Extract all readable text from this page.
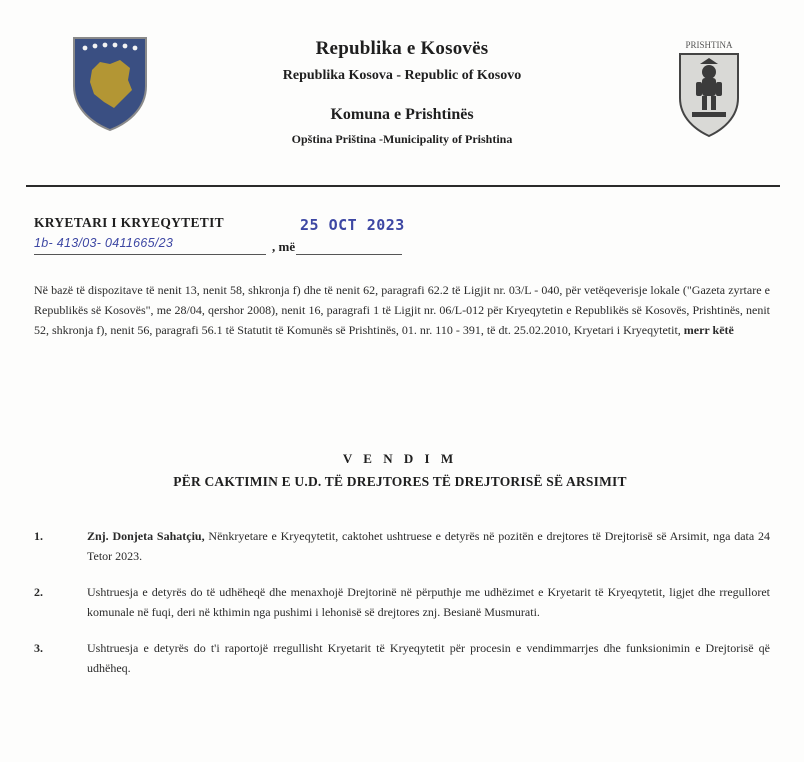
Republika e Kosovës

Republika Kosova - Republic of Kosovo

Komuna e Prishtinës

Opština Priština -Municipality of Prishtina

PRISHTINA
KRYETARI I KRYEQYTETIT	25 OCT 2023
1b- 413/03- 0411665/23	, më
Në bazë të dispozitave të nenit 13, nenit 58, shkronja f) dhe të nenit 62, paragrafi 62.2 të Ligjit nr. 03/L - 040, për vetëqeverisje lokale ("Gazeta zyrtare e Republikës së Kosovës", me 28/04, qershor 2008), nenit 16, paragrafi 1 të Ligjit nr. 06/L-012 për Kryeqytetin e Republikës së Kosovës, Prishtinës, nenit 52, shkronja f), nenit 56, paragrafi 56.1 të Statutit të Komunës së Prishtinës, 01. nr. 110 - 391, të dt. 25.02.2010, Kryetari i Kryeqytetit, merr këtë

V E N D I M

PËR CAKTIMIN E U.D. TË DREJTORES TË DREJTORISË SË ARSIMIT

1.	Znj. Donjeta Sahatçiu, Nënkryetare e Kryeqytetit, caktohet ushtruese e detyrës në pozitën e drejtores të Drejtorisë së Arsimit, nga data 24 Tetor 2023.
2.	Ushtruesja e detyrës do të udhëheqë dhe menaxhojë Drejtorinë në përputhje me udhëzimet e Kryetarit të Kryeqytetit, ligjet dhe rregulloret komunale në fuqi, deri në kthimin nga pushimi i lehonisë së drejtores znj. Besianë Musmurati.
3.	Ushtruesja e detyrës do t'i raportojë rregullisht Kryetarit të Kryeqytetit për procesin e vendimmarrjes dhe funksionimin e Drejtorisë që udhëheq.
